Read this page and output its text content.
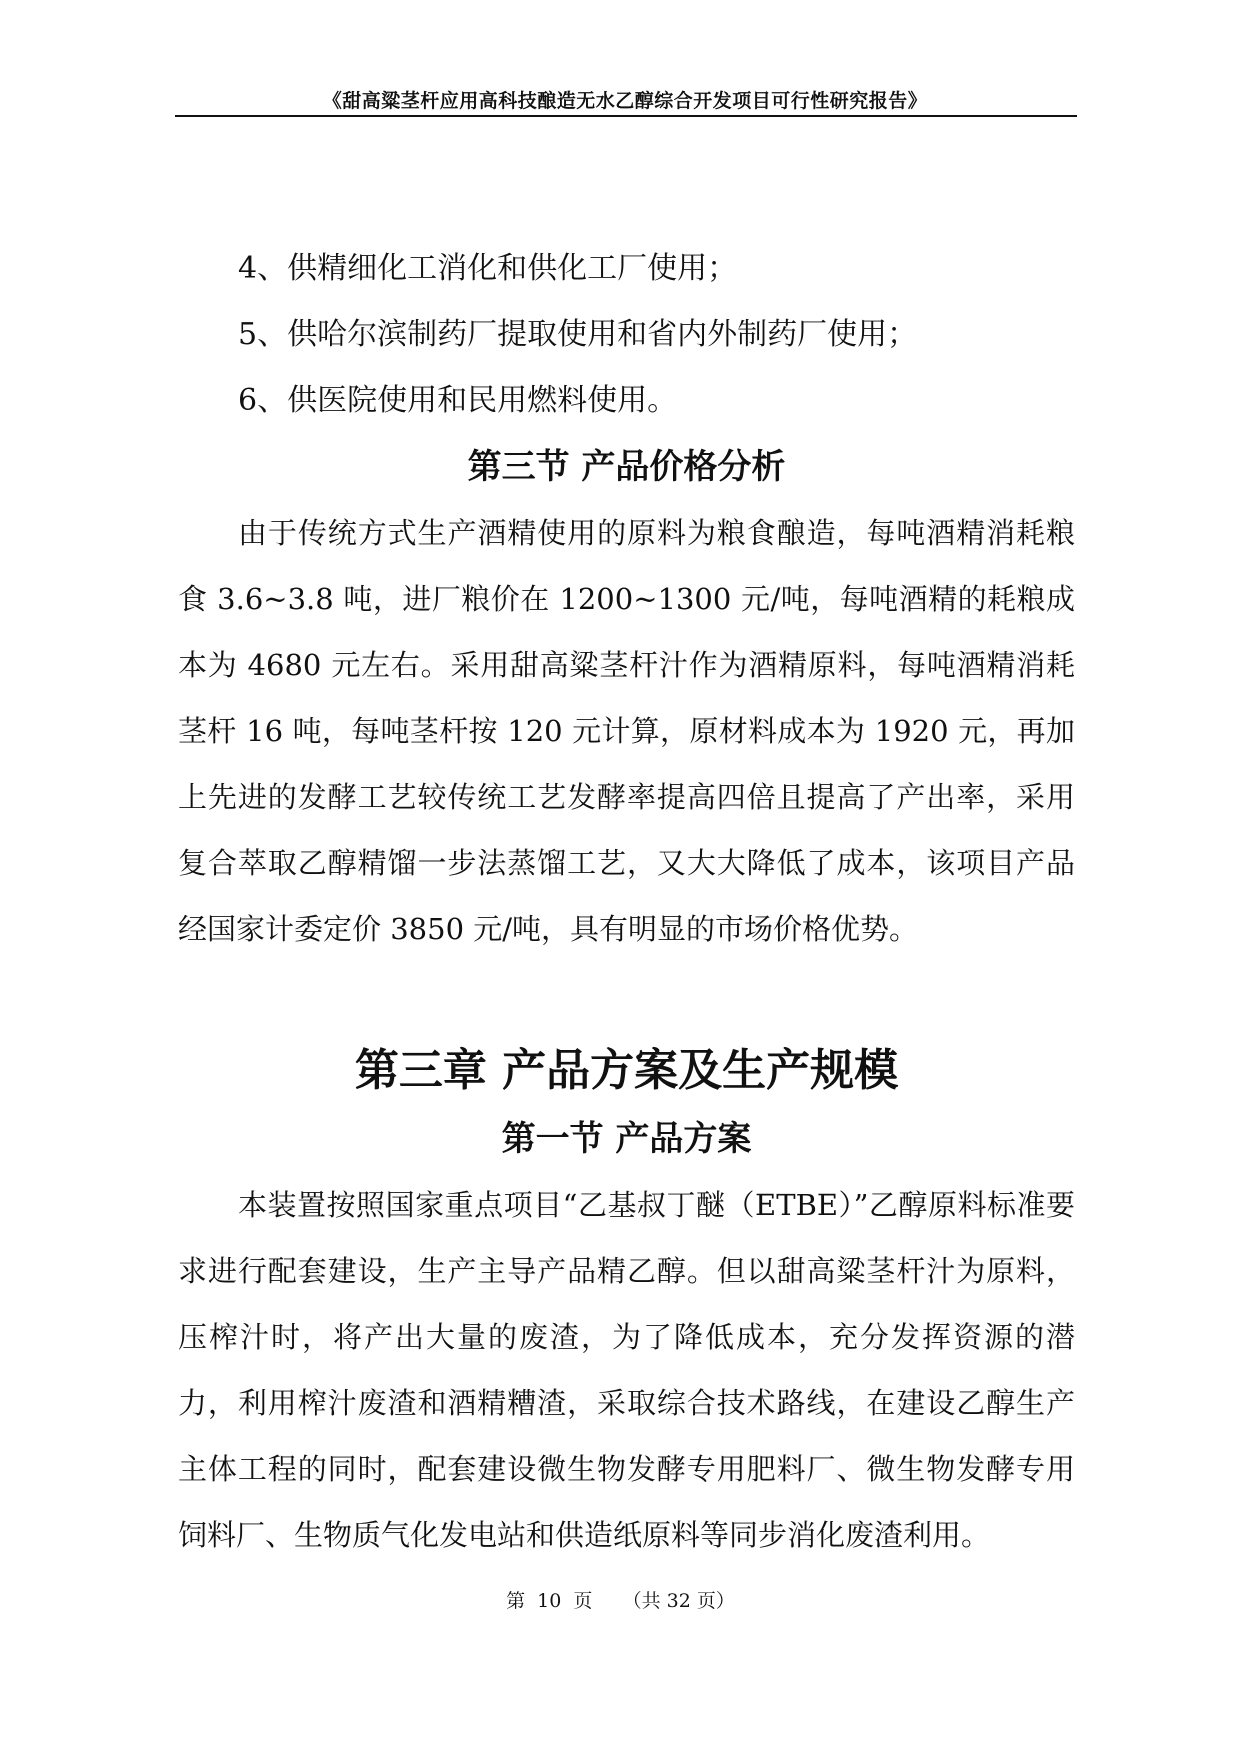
《甜高粱茎杆应用高科技酿造无水乙醇综合开发项目可行性研究报告》
4、供精细化工消化和供化工厂使用；
5、供哈尔滨制药厂提取使用和省内外制药厂使用；
6、供医院使用和民用燃料使用。
第三节 产品价格分析

由于传统方式生产酒精使用的原料为粮食酿造，每吨酒精消耗粮食 3.6~3.8 吨，进厂粮价在 1200~1300 元/吨，每吨酒精的耗粮成本为 4680 元左右。采用甜高粱茎杆汁作为酒精原料，每吨酒精消耗茎杆 16 吨，每吨茎杆按 120 元计算，原材料成本为 1920 元，再加上先进的发酵工艺较传统工艺发酵率提高四倍且提高了产出率，采用复合萃取乙醇精馏一步法蒸馏工艺，又大大降低了成本，该项目产品经国家计委定价 3850 元/吨，具有明显的市场价格优势。

第三章 产品方案及生产规模
第一节 产品方案

本装置按照国家重点项目“乙基叔丁醚（ETBE）”乙醇原料标准要求进行配套建设，生产主导产品精乙醇。但以甜高粱茎杆汁为原料，压榨汁时，将产出大量的废渣，为了降低成本，充分发挥资源的潜力，利用榨汁废渣和酒精糟渣，采取综合技术路线，在建设乙醇生产主体工程的同时，配套建设微生物发酵专用肥料厂、微生物发酵专用饲料厂、生物质气化发电站和供造纸原料等同步消化废渣利用。

第  10  页     （共 32 页）
